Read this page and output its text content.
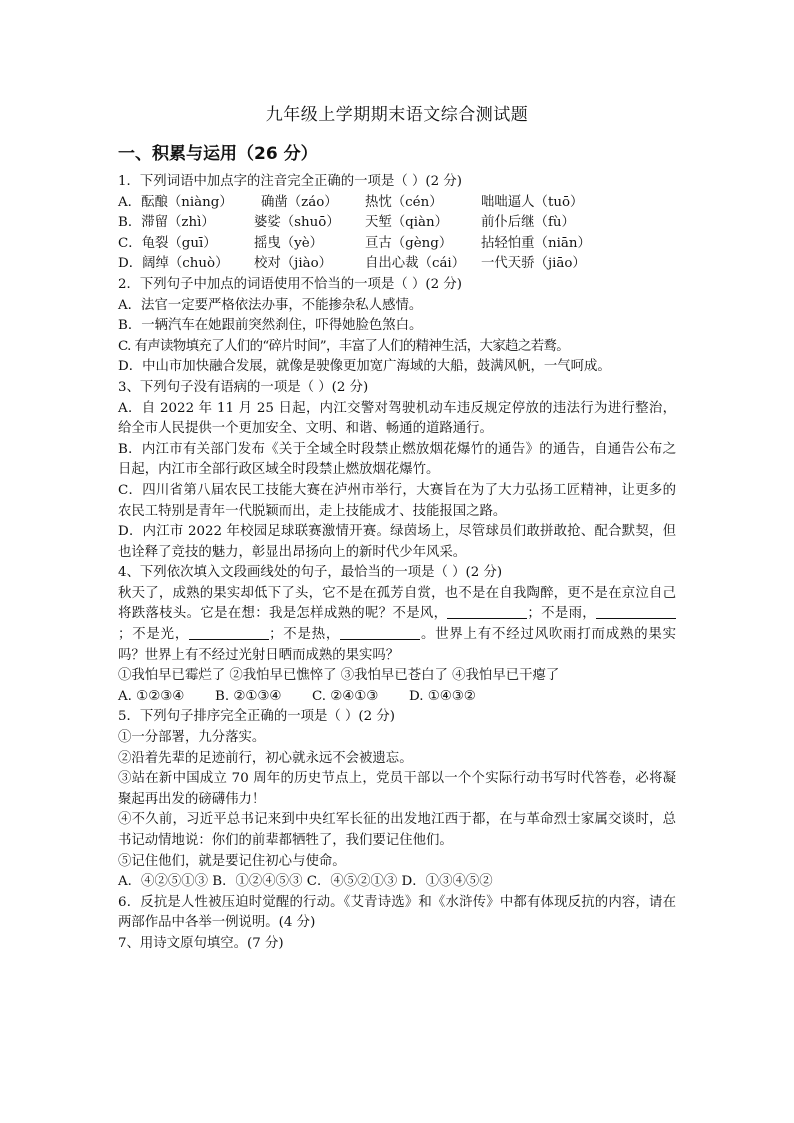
九年级上学期期末语文综合测试题
一、积累与运用（26 分）
1．下列词语中加点字的注音完全正确的一项是（ ）(2 分)
A．酝酿（niàng）	确凿（záo）	热忱（cén）	咄咄逼人（tuō）
B．滞留（zhì）	婆娑（shuō）	天堑（qiàn）	前仆后继（fù）
C．龟裂（guī）	摇曳（yè）	亘古（gèng）	拈轻怕重（niān）
D．阔绰（chuò）	校对（jiào）	自出心裁（cái）	一代天骄（jiāo）
2．下列句子中加点的词语使用不恰当的一项是（ ）(2 分)
A．法官一定要严格依法办事，不能掺杂私人感情。
B．一辆汽车在她跟前突然刹住，吓得她脸色煞白。
C. 有声读物填充了人们的“碎片时间”，丰富了人们的精神生活，大家趋之若鹜。
D．中山市加快融合发展，就像是驶像更加宽广海域的大船，鼓满风帆，一气呵成。
3、下列句子没有语病的一项是（ ）(2 分)
A．自 2022 年 11 月 25 日起，内江交警对驾驶机动车违反规定停放的违法行为进行整治，给全市人民提供一个更加安全、文明、和谐、畅通的道路通行。
B．内江市有关部门发布《关于全域全时段禁止燃放烟花爆竹的通告》的通告，自通告公布之日起，内江市全部行政区域全时段禁止燃放烟花爆竹。
C．四川省第八届农民工技能大赛在泸州市举行，大赛旨在为了大力弘扬工匠精神，让更多的农民工特别是青年一代脱颖而出，走上技能成才、技能报国之路。
D．内江市 2022 年校园足球联赛激情开赛。绿茵场上，尽管球员们敢拼敢抢、配合默契，但也诠释了竞技的魅力，彰显出昂扬向上的新时代少年风采。
4、下列依次填入文段画线处的句子，最恰当的一项是（ ）(2 分)
秋天了，成熟的果实却低下了头，它不是在孤芳自赏，也不是在自我陶醉，更不是在京泣自己将跌落枝头。它是在想：我是怎样成熟的呢？不是风，	；不是雨，；不是光，	；不是热，	。世界上有不经过风吹雨打而成熟的果实吗？世界上有不经过光射日晒而成熟的果实吗？
①我怕早已霉烂了 ②我怕早已憔悴了 ③我怕早已苍白了 ④我怕早已干瘪了
A. ①②③④	B. ②①③④	C. ②④①③	D. ①④③②
5．下列句子排序完全正确的一项是（ ）(2 分)
①一分部署，九分落实。
②沿着先辈的足迹前行，初心就永远不会被遗忘。
③站在新中国成立 70 周年的历史节点上，党员干部以一个个实际行动书写时代答卷，必将凝聚起再出发的磅礴伟力！
④不久前，习近平总书记来到中央红军长征的出发地江西于都，在与革命烈士家属交谈时，总书记动情地说：你们的前辈都牺牲了，我们要记住他们。
⑤记住他们，就是要记住初心与使命。
A．④②⑤①③ B．①②④⑤③ C．④⑤②①③ D．①③④⑤②
6．反抗是人性被压迫时觉醒的行动。《艾青诗选》和《水浒传》中都有体现反抗的内容，请在两部作品中各举一例说明。(4 分)
7、用诗文原句填空。(7 分)
